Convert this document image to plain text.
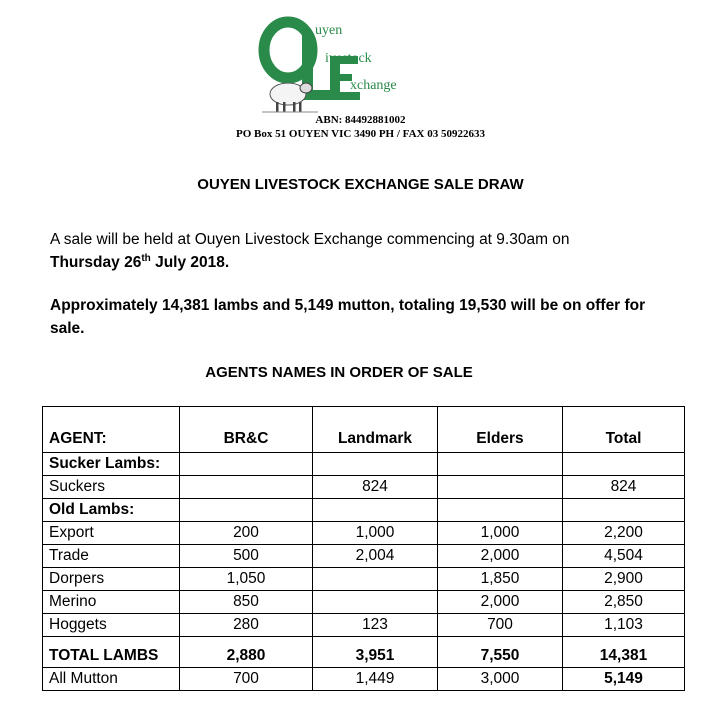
uyen
ivestock
xchange
ABN: 84492881002
PO Box 51 OUYEN VIC 3490 PH / FAX 03 50922633
OUYEN LIVESTOCK EXCHANGE SALE DRAW
A sale will be held at Ouyen Livestock Exchange commencing at 9.30am on
Thursday 26th July 2018.
Approximately 14,381 lambs and 5,149 mutton, totaling 19,530 will be on offer for sale.
AGENTS NAMES IN ORDER OF SALE
AGENT:	BR&C	Landmark	Elders	Total
Sucker Lambs:				
Suckers		824		824
Old Lambs:				
Export	200	1,000	1,000	2,200
Trade	500	2,004	2,000	4,504
Dorpers	1,050		1,850	2,900
Merino	850		2,000	2,850
Hoggets	280	123	700	1,103
TOTAL LAMBS	2,880	3,951	7,550	14,381
All Mutton	700	1,449	3,000	5,149
